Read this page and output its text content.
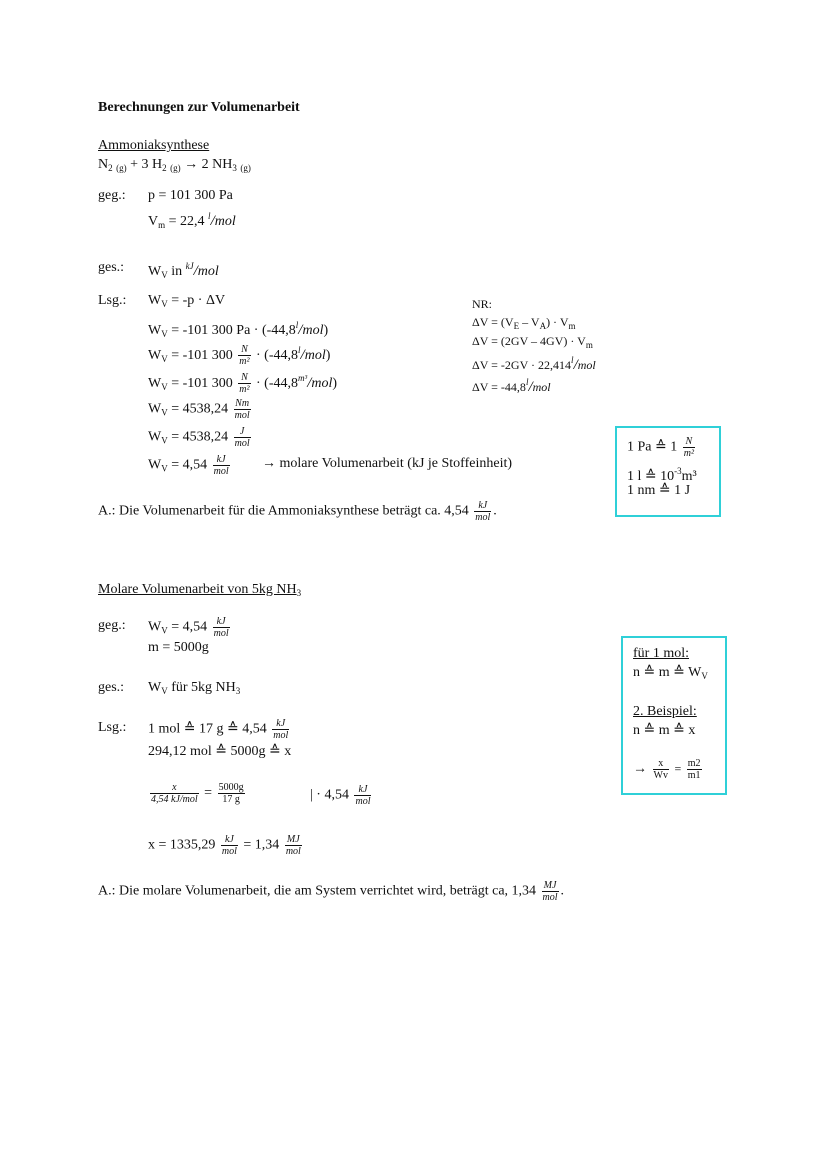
Berechnungen zur Volumenarbeit
Ammoniaksynthese
$N_2$ $_{(g)}$ + 3 $H_2$ $_{(g)}$ → 2 $NH_3$ $_{(g)}$
geg.: p = 101 300 Pa
$V_m = 22,4$ $^l$/mol
ges.: $W_V$ in $^{kJ}$/mol
Lsg.: $W_V = -p \cdot \Delta V$
$W_V = -101$ 300 $Pa \cdot (-44,8^l/mol)$
$W_V = -101$ $300 \frac{N}{\text{m²}} \cdot (-44,8^l/mol)$
$W_V = -101$ $300 \frac{N}{\text{m²}} \cdot (-44,8^{m^3}/mol)$
$W_V = 4538,24 \frac{Nm}{\text{mol}}$
$W_V = 4538,24 \frac{J}{\text{mol}}$
$W_V = 4,54 \frac{kJ}{\text{mol}}$ → molare Volumenarbeit (kJ je Stoffeinheit)
NR:
$\Delta V = (V_E - V_A) \cdot V_m$
$\Delta V = (2GV - 4GV) \cdot V_m$
$\Delta V = -2GV \cdot 22,414^l$/mol
$\Delta V = -44,8^l$/mol
1 Pa ≙ $1 \frac{N}{\text{m²}}$
1 l ≙ $10^{-3}m^3$
1 nm ≙ 1 J
A.: Die Volumenarbeit für die Ammoniaksynthese beträgt ca. $4,54 \frac{kJ}{\text{mol}}$ .
Molare Volumenarbeit von 5kg $NH_3$
geg.: $W_V = 4,54 \frac{kJ}{\text{mol}}$
m = 5000g
ges.: $W_V$ für 5kg $NH_3$
Lsg.: 1 mol ≙ 17 g ≙ $4,54 \frac{kJ}{\text{mol}}$
294,12 mol ≙ 5000g ≙ x
$\frac{x}{\text{4,54 kJ/mol}} = \frac{5000g}{17 g}$	| · $4,54 \frac{kJ}{\text{mol}}$
$x = 1335,29 \frac{kJ}{\text{mol}} = 1,34 \frac{MJ}{\text{mol}}$
A.: Die molare Volumenarbeit, die am System verrichtet wird, beträgt ca, $1,34 \frac{MJ}{\text{mol}}$ .
für 1 mol:
n ≙ m ≙ $W_V$
2. Beispiel:
n ≙ m ≙ x
→ $\frac{x}{Wv} = \frac{m2}{m1}$
